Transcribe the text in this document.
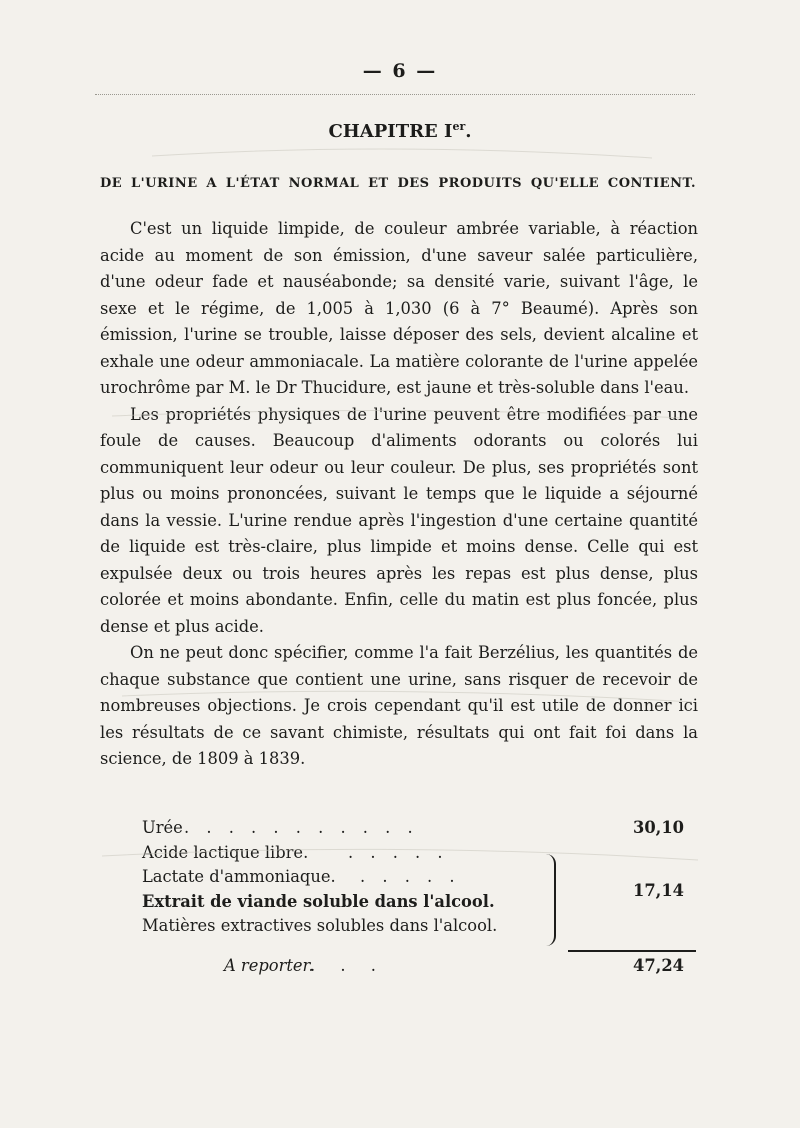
— 6 —
CHAPITRE Ier.
DE L'URINE A L'ÉTAT NORMAL ET DES PRODUITS QU'ELLE CONTIENT.

C'est un liquide limpide, de couleur ambrée variable, à réaction acide au moment de son émission, d'une saveur salée particulière, d'une odeur fade et nauséabonde; sa densité varie, suivant l'âge, le sexe et le régime, de 1,005 à 1,030 (6 à 7° Beaumé). Après son émission, l'urine se trouble, laisse déposer des sels, devient alcaline et exhale une odeur ammoniacale. La matière colorante de l'urine appelée urochrôme par M. le Dr Thucidure, est jaune et très-soluble dans l'eau.

Les propriétés physiques de l'urine peuvent être modifiées par une foule de causes. Beaucoup d'aliments odorants ou colorés lui communiquent leur odeur ou leur couleur. De plus, ses propriétés sont plus ou moins prononcées, suivant le temps que le liquide a séjourné dans la vessie. L'urine rendue après l'ingestion d'une certaine quantité de liquide est très-claire, plus limpide et moins dense. Celle qui est expulsée deux ou trois heures après les repas est plus dense, plus colorée et moins abondante. Enfin, celle du matin est plus foncée, plus dense et plus acide.

On ne peut donc spécifier, comme l'a fait Berzélius, les quantités de chaque substance que contient une urine, sans risquer de recevoir de nombreuses objections. Je crois cependant qu'il est utile de donner ici les résultats de ce savant chimiste, résultats qui ont fait foi dans la science, de 1809 à 1839.

Urée . . . . . . . . . . .	30,10
Acide lactique libre. . . . . .
Lactate d'ammoniaque. . . . . .
Extrait de viande soluble dans l'alcool.
Matières extractives solubles dans l'alcool.
17,14
A reporter.
. . .	47,24
